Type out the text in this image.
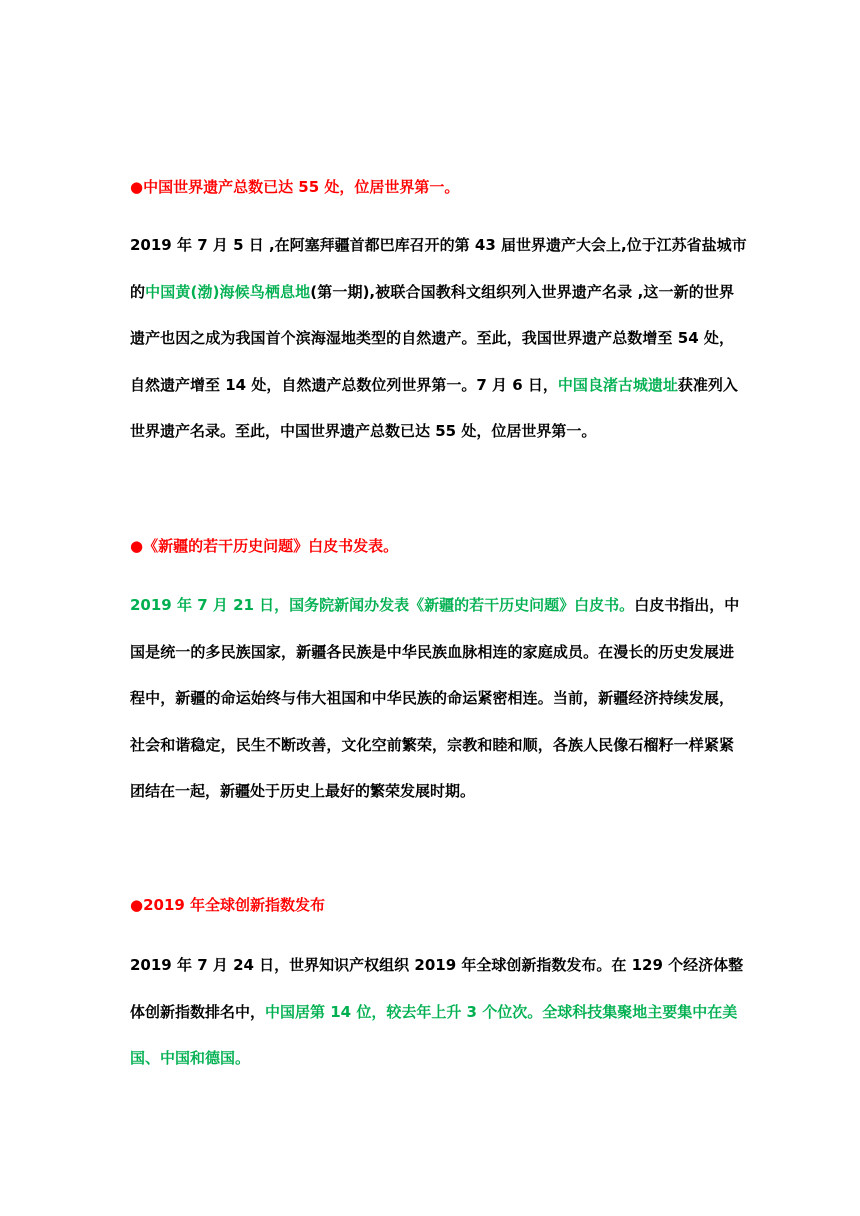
●中国世界遗产总数已达 55 处，位居世界第一。
2019 年 7 月 5 日 ,在阿塞拜疆首都巴库召开的第 43 届世界遗产大会上,位于江苏省盐城市
的中国黄(渤)海候鸟栖息地(第一期),被联合国教科文组织列入世界遗产名录 ,这一新的世界
遗产也因之成为我国首个滨海湿地类型的自然遗产。至此，我国世界遗产总数增至 54 处，
自然遗产增至 14 处，自然遗产总数位列世界第一。7 月 6 日，中国良渚古城遗址获准列入
世界遗产名录。至此，中国世界遗产总数已达 55 处，位居世界第一。
●《新疆的若干历史问题》白皮书发表。
2019 年 7 月 21 日，国务院新闻办发表《新疆的若干历史问题》白皮书。白皮书指出，中
国是统一的多民族国家，新疆各民族是中华民族血脉相连的家庭成员。在漫长的历史发展进
程中，新疆的命运始终与伟大祖国和中华民族的命运紧密相连。当前，新疆经济持续发展，
社会和谐稳定，民生不断改善，文化空前繁荣，宗教和睦和顺，各族人民像石榴籽一样紧紧
团结在一起，新疆处于历史上最好的繁荣发展时期。
●2019 年全球创新指数发布
2019 年 7 月 24 日，世界知识产权组织 2019 年全球创新指数发布。在 129 个经济体整
体创新指数排名中，中国居第 14 位，较去年上升 3 个位次。全球科技集聚地主要集中在美
国、中国和德国。
